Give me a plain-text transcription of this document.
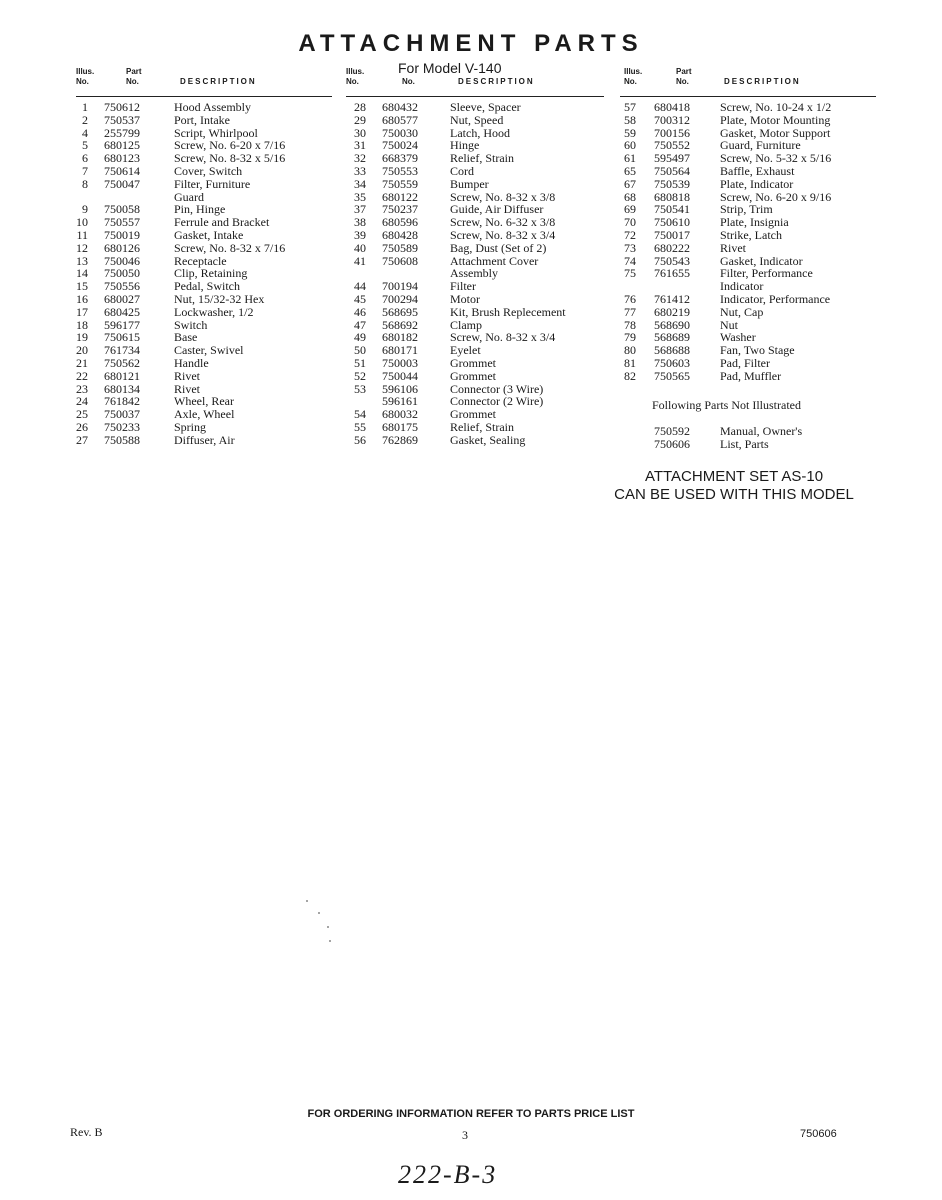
ATTACHMENT PARTS
For Model V-140
Illus.
No.
Part
No.	DESCRIPTION
1 750612	Hood Assembly
2 750537	Port, Intake
4 255799	Script, Whirlpool
5 680125	Screw, No. 6-20 x 7/16
6 680123	Screw, No. 8-32 x 5/16
7 750614	Cover, Switch
8 750047	Filter, Furniture
Guard
9 750058	Pin, Hinge
10 750557	Ferrule and Bracket
11 750019	Gasket, Intake
12 680126	Screw, No. 8-32 x 7/16
13 750046	Receptacle
14 750050	Clip, Retaining
15 750556	Pedal, Switch
16 680027	Nut, 15/32-32 Hex
17 680425	Lockwasher, 1/2
18 596177	Switch
19 750615	Base
20 761734	Caster, Swivel
21 750562	Handle
22 680121	Rivet
23 680134	Rivet
24 761842	Wheel, Rear
25 750037	Axle, Wheel
26 750233	Spring
27 750588	Diffuser, Air
Illus.
No.	No.	DESCRIPTION
28 680432	Sleeve, Spacer
29 680577	Nut, Speed
30 750030	Latch, Hood
31 750024	Hinge
32 668379	Relief, Strain
33 750553	Cord
34 750559	Bumper
35 680122	Screw, No. 8-32 x 3/8
37 750237	Guide, Air Diffuser
38 680596	Screw, No. 6-32 x 3/8
39 680428	Screw, No. 8-32 x 3/4
40 750589	Bag, Dust (Set of 2)
41 750608	Attachment Cover
Assembly
44 700194	Filter
45 700294	Motor
46 568695	Kit, Brush Replecement
47 568692	Clamp
49 680182	Screw, No. 8-32 x 3/4
50 680171	Eyelet
51 750003	Grommet
52 750044	Grommet
53 596106	Connector (3 Wire)
596161	Connector (2 Wire)
54 680032	Grommet
55 680175	Relief, Strain
56 762869	Gasket, Sealing
Illus.
No.
Part
No.	DESCRIPTION
57 680418	Screw, No. 10-24 x 1/2
58 700312	Plate, Motor Mounting
59 700156	Gasket, Motor Support
60 750552	Guard, Furniture
61 595497	Screw, No. 5-32 x 5/16
65 750564	Baffle, Exhaust
67 750539	Plate, Indicator
68 680818	Screw, No. 6-20 x 9/16
69 750541	Strip, Trim
70 750610	Plate, Insignia
72 750017	Strike, Latch
73 680222	Rivet
74 750543	Gasket, Indicator
75 761655	Filter, Performance
Indicator
76 761412	Indicator, Performance
77 680219	Nut, Cap
78 568690	Nut
79 568689	Washer
80 568688	Fan, Two Stage
81 750603	Pad, Filter
82 750565	Pad, Muffler
Following Parts Not Illustrated
750592	Manual, Owner's
750606	List, Parts
ATTACHMENT SET AS-10
CAN BE USED WITH THIS MODEL
FOR ORDERING INFORMATION REFER TO PARTS PRICE LIST
Rev. B	3	750606
222-B-3
